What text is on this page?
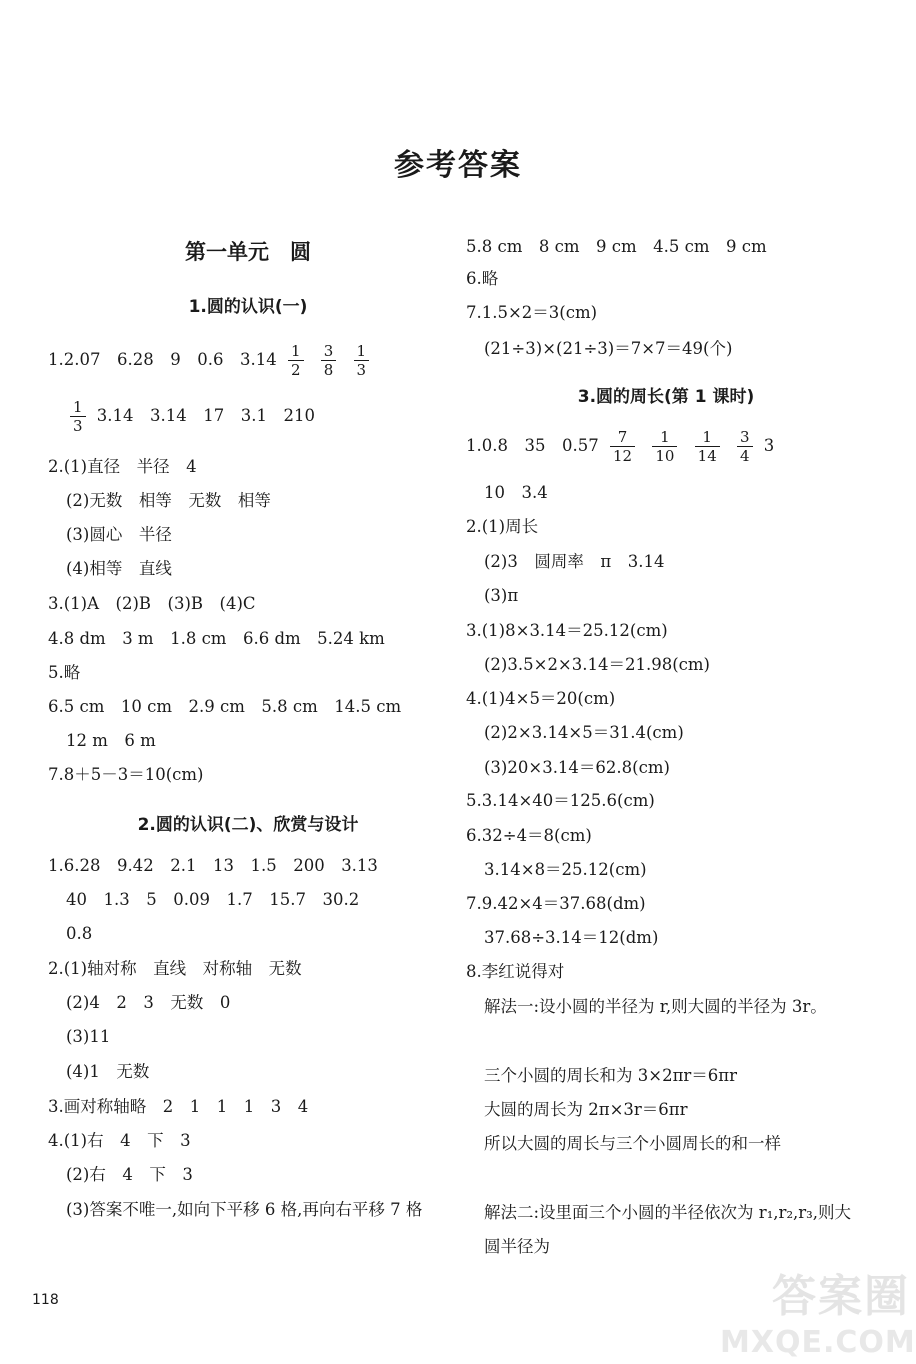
参考答案
第一单元　圆
1.圆的认识(一)
1.2.07　6.28　9　0.6　$3.14 \frac{1}{2}$
$\frac{3}{8}$
$\frac{1}{3}$
$\frac{1}{3} 3.14$　3.14　17　3.1　210
2.(1)直径　半径　4
(2)无数　相等　无数　相等
(3)圆心　半径
(4)相等　直线
3.(1)A　(2)B　(3)B　(4)C
4.8 dm　3 m　1.8 cm　6.6 dm　5.24 km
5.略
6.5 cm　10 cm　2.9 cm　5.8 cm　14.5 cm
12 m　6 m
7.8＋5－3＝10(cm)
2.圆的认识(二)、欣赏与设计
1.6.28　9.42　2.1　13　1.5　200　3.13
40　1.3　5　0.09　1.7　15.7　30.2
0.8
2.(1)轴对称　直线　对称轴　无数
(2)4　2　3　无数　0
(3)11
(4)1　无数
3.画对称轴略　2　1　1　1　3　4
4.(1)右　4　下　3
(2)右　4　下　3
(3)答案不唯一,如向下平移 6 格,再向右平移 7 格
5.8 cm　8 cm　9 cm　4.5 cm　9 cm
6.略
7.1.5×2＝3(cm)
(21÷3)×(21÷3)＝7×7＝49(个)
3.圆的周长(第 1 课时)
1.0.8　35　$0.57 \frac{7}{12}$
$\frac{1}{10}$
$\frac{1}{14}$
$\frac{3}{4} 3$
10　3.4
2.(1)周长
(2)3　圆周率　π　3.14
(3)π
3.(1)8×3.14＝25.12(cm)
(2)3.5×2×3.14＝21.98(cm)
4.(1)4×5＝20(cm)
(2)2×3.14×5＝31.4(cm)
(3)20×3.14＝62.8(cm)
5.3.14×40＝125.6(cm)
6.32÷4＝8(cm)
3.14×8＝25.12(cm)
7.9.42×4＝37.68(dm)
37.68÷3.14＝12(dm)
8.李红说得对
解法一:设小圆的半径为 r,则大圆的半径为 3r。
三个小圆的周长和为 3×2πr＝6πr
大圆的周长为 2π×3r＝6πr
所以大圆的周长与三个小圆周长的和一样
解法二:设里面三个小圆的半径依次为 r₁,r₂,r₃,则大圆半径为
118	答案圈
MXQE.COM
